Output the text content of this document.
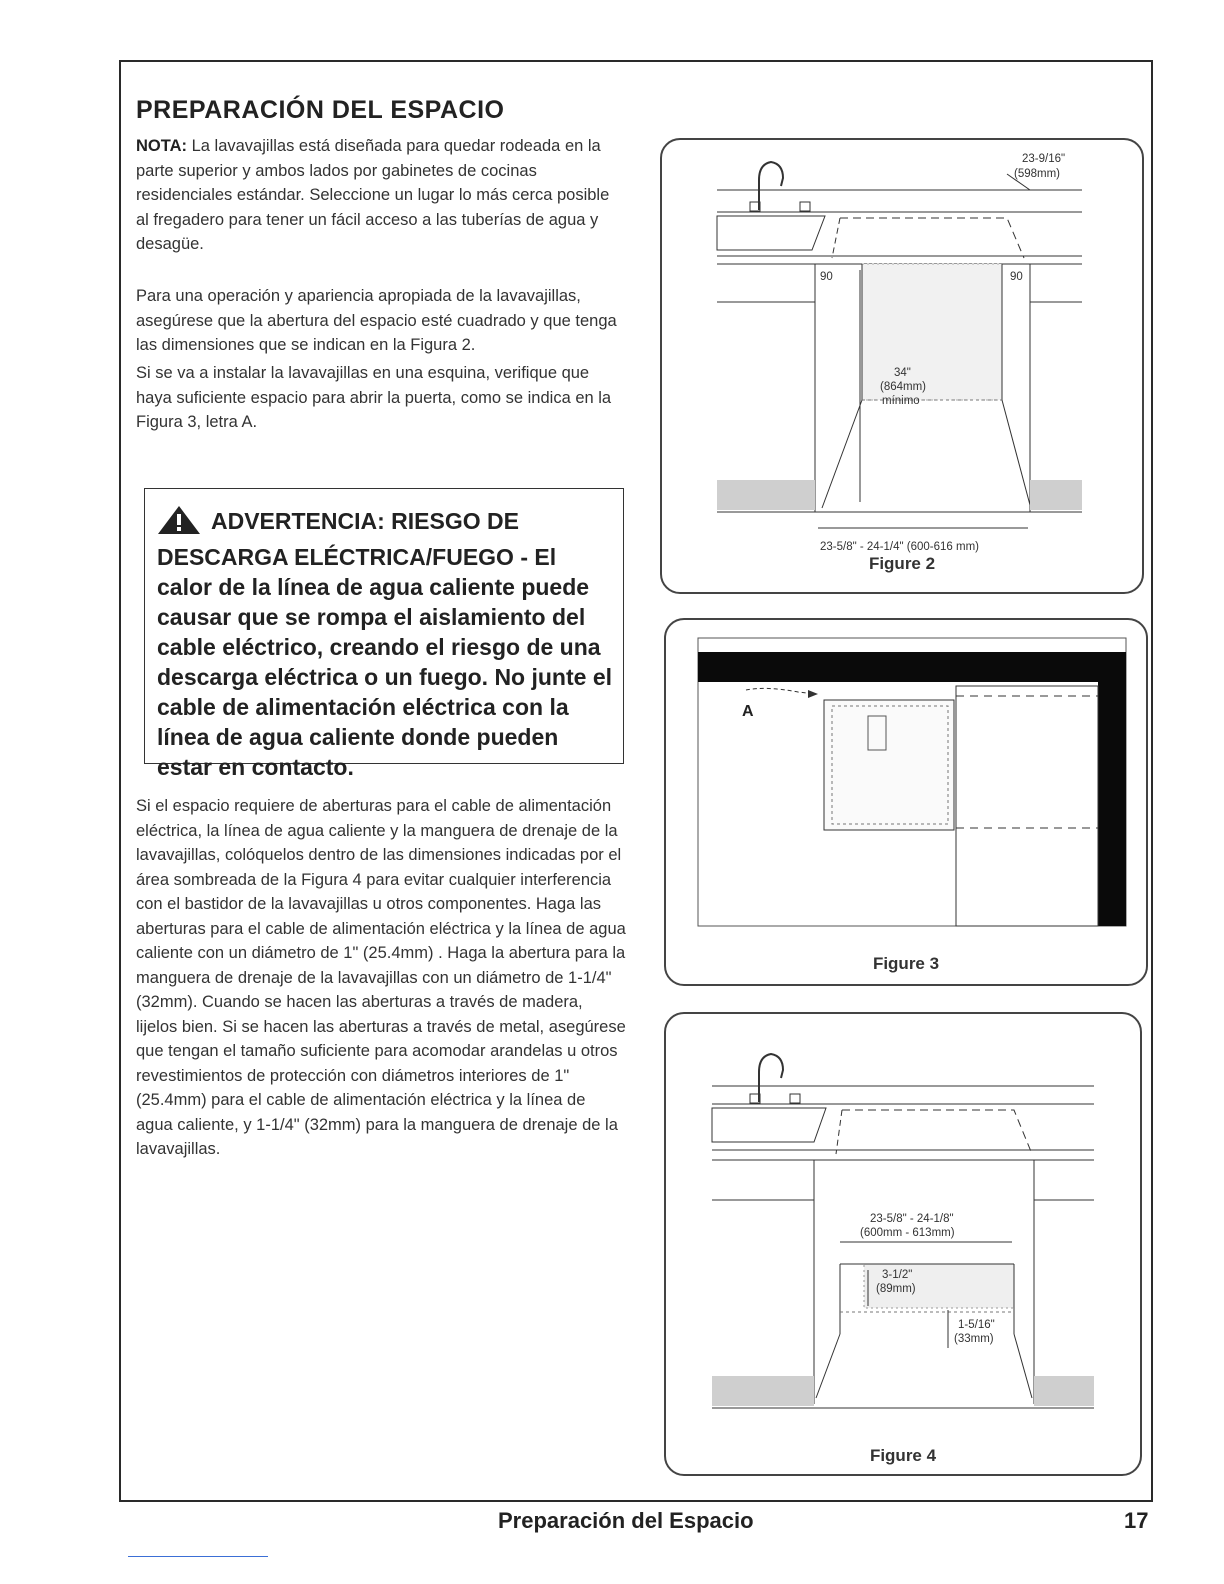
PREPARACIÓN DEL ESPACIO

NOTA: La lavavajillas está diseñada para quedar rodeada en la parte superior y ambos lados por gabinetes de cocinas residenciales estándar. Seleccione un lugar lo más cerca posible al fregadero para tener un fácil acceso a las tuberías de agua y desagüe.

Para una operación y apariencia apropiada de la lavavajillas, asegúrese que la abertura del espacio esté cuadrado y que tenga las dimensiones que se indican en la Figura 2.

Si se va a instalar la lavavajillas en una esquina, verifique que haya suficiente espacio para abrir la puerta, como se indica en la Figura 3, letra A.

ADVERTENCIA: RIESGO DE DESCARGA ELÉCTRICA/FUEGO - El calor de la línea de agua caliente puede causar que se rompa el aislamiento del cable eléctrico, creando el riesgo de una descarga eléctrica o un fuego. No junte el cable de alimentación eléctrica con la línea de agua caliente donde pueden estar en contacto.

Si el espacio requiere de aberturas para el cable de alimentación eléctrica, la línea de agua caliente y la manguera de drenaje de la lavavajillas, colóquelos dentro de las dimensiones indicadas por el área sombreada de la Figura 4 para evitar cualquier interferencia con el bastidor de la lavavajillas u otros componentes. Haga las aberturas para el cable de alimentación eléctrica y la línea de agua caliente con un diámetro de 1" (25.4mm) . Haga la abertura para la manguera de drenaje de la lavavajillas con un diámetro de 1-1/4" (32mm). Cuando se hacen las aberturas a través de madera, lijelos bien. Si se hacen las aberturas a través de metal, asegúrese que tengan el tamaño suficiente para acomodar arandelas u otros revestimientos de protección con diámetros interiores de 1" (25.4mm) para el cable de alimentación eléctrica y la línea de agua caliente, y 1-1/4" (32mm) para la manguera de drenaje de la lavavajillas.

23-9/16"
(598mm)
90	90
34"
(864mm)
mínimo
23-5/8" - 24-1/4" (600-616 mm)
Figure 2
A
Figure 3
23-5/8" - 24-1/8"
(600mm - 613mm)
3-1/2"
(89mm)
1-5/16"
(33mm)
Figure 4
Preparación del Espacio	17
